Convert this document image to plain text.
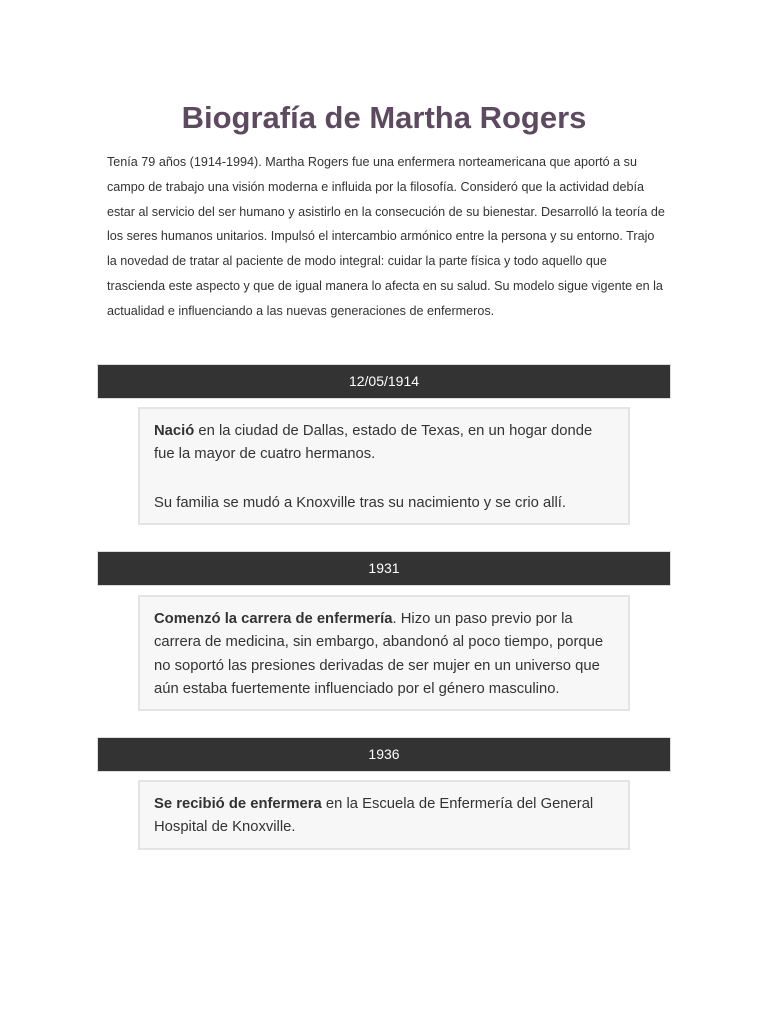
Biografía de Martha Rogers

Tenía 79 años (1914-1994). Martha Rogers fue una enfermera norteamericana que aportó a su campo de trabajo una visión moderna e influida por la filosofía. Consideró que la actividad debía estar al servicio del ser humano y asistirlo en la consecución de su bienestar. Desarrolló la teoría de los seres humanos unitarios. Impulsó el intercambio armónico entre la persona y su entorno. Trajo la novedad de tratar al paciente de modo integral: cuidar la parte física y todo aquello que trascienda este aspecto y que de igual manera lo afecta en su salud. Su modelo sigue vigente en la actualidad e influenciando a las nuevas generaciones de enfermeros.

12/05/1914

Nació en la ciudad de Dallas, estado de Texas, en un hogar donde fue la mayor de cuatro hermanos.

Su familia se mudó a Knoxville tras su nacimiento y se crio allí.

1931

Comenzó la carrera de enfermería. Hizo un paso previo por la carrera de medicina, sin embargo, abandonó al poco tiempo, porque no soportó las presiones derivadas de ser mujer en un universo que aún estaba fuertemente influenciado por el género masculino.

1936

Se recibió de enfermera en la Escuela de Enfermería del General Hospital de Knoxville.
